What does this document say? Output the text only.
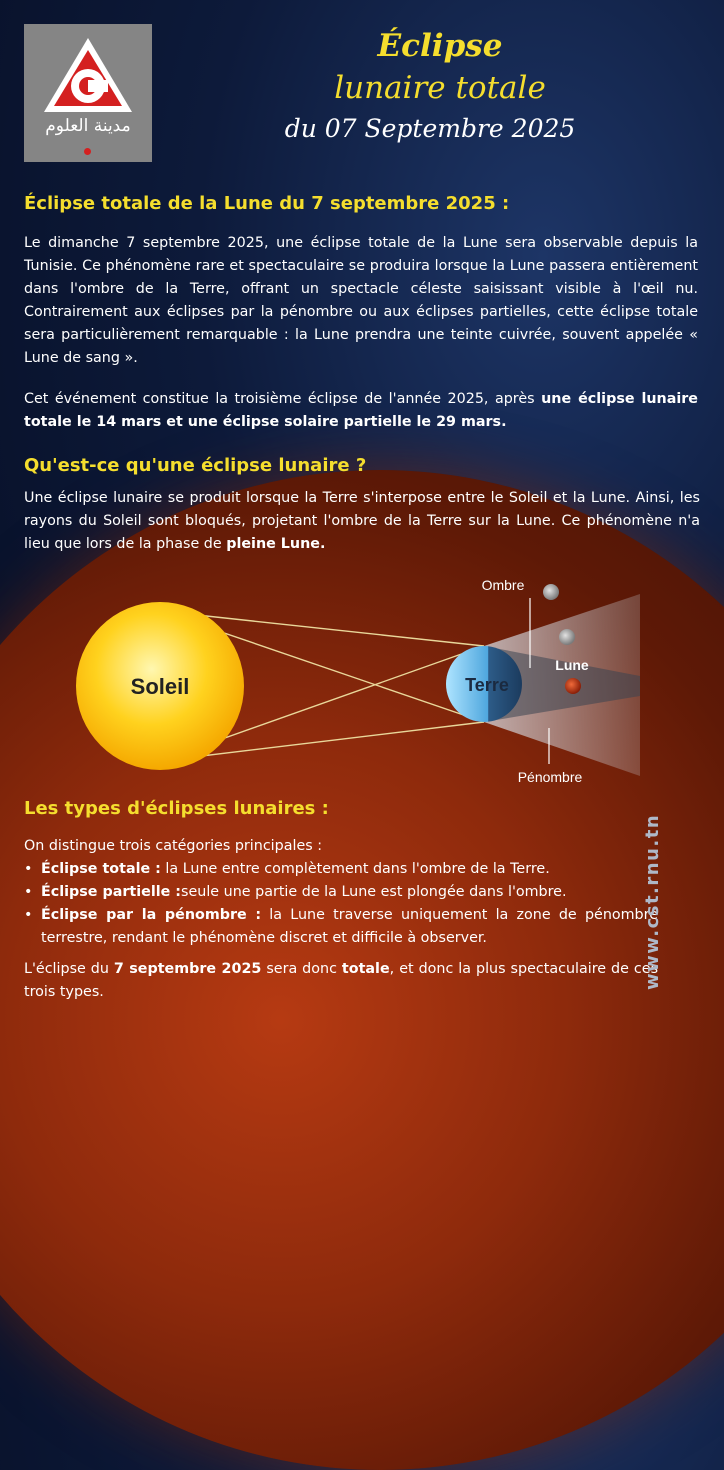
مدينة العلوم
Éclipse
lunaire totale
du 07 Septembre 2025
Éclipse totale de la Lune du 7 septembre 2025 :

Le dimanche 7 septembre 2025, une éclipse totale de la Lune sera observable depuis la Tunisie. Ce phénomène rare et spectaculaire se produira lorsque la Lune passera entièrement dans l'ombre de la Terre, offrant un spectacle céleste saisissant visible à l'œil nu. Contrairement aux éclipses par la pénombre ou aux éclipses partielles, cette éclipse totale sera particulièrement remarquable : la Lune prendra une teinte cuivrée, souvent appelée « Lune de sang ».

Cet événement constitue la troisième éclipse de l'année 2025, après une éclipse lunaire totale le 14 mars et une éclipse solaire partielle le 29 mars.

Qu'est-ce qu'une éclipse lunaire ?

Une éclipse lunaire se produit lorsque la Terre s'interpose entre le Soleil et la Lune. Ainsi, les rayons du Soleil sont bloqués, projetant l'ombre de la Terre sur la Lune. Ce phénomène n'a lieu que lors de la phase de pleine Lune.

Soleil	Terre
Ombre
Lune
Pénombre
Les types d'éclipses lunaires :

On distingue trois catégories principales :

• Éclipse totale : la Lune entre complètement dans l'ombre de la Terre.
• Éclipse partielle :seule une partie de la Lune est plongée dans l'ombre.
• Éclipse par la pénombre : la Lune traverse uniquement la zone de pénombre terrestre, rendant le phénomène discret et difficile à observer.

L'éclipse du 7 septembre 2025 sera donc totale, et donc la plus spectaculaire de ces trois types.

www.cst.rnu.tn
